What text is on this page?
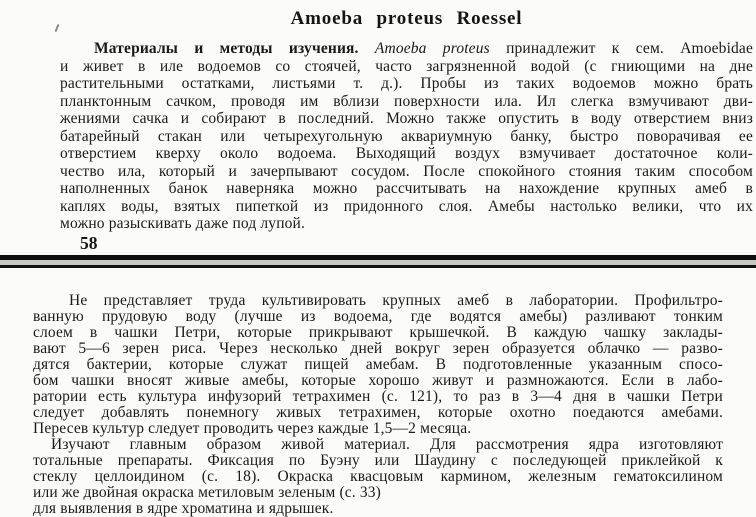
Amoeba proteus Roessel
Материалы и методы изучения. Amoeba proteus принадлежит к сем. Amoebidae
и живет в иле водоемов со стоячей, часто загрязненной водой (с гниющими на дне
растительными остатками, листьями т. д.). Пробы из таких водоемов можно брать
планктонным сачком, проводя им вблизи поверхности ила. Ил слегка взмучивают дви-
жениями сачка и собирают в последний. Можно также опустить в воду отверстием вниз
батарейный стакан или четырехугольную аквариумную банку, быстро поворачивая ее
отверстием кверху около водоема. Выходящий воздух взмучивает достаточное коли-
чество ила, который и зачерпывают сосудом. После спокойного стояния таким способом
наполненных банок наверняка можно рассчитывать на нахождение крупных амеб в
каплях воды, взятых пипеткой из придонного слоя. Амебы настолько велики, что их
можно разыскивать даже под лупой.
58
Не представляет труда культивировать крупных амеб в лаборатории. Профильтро-
ванную прудовую воду (лучше из водоема, где водятся амебы) разливают тонким
слоем в чашки Петри, которые прикрывают крышечкой. В каждую чашку заклады-
вают 5—6 зерен риса. Через несколько дней вокруг зерен образуется облачко — разво-
дятся бактерии, которые служат пищей амебам. В подготовленные указанным спосо-
бом чашки вносят живые амебы, которые хорошо живут и размножаются. Если в лабо-
ратории есть культура инфузорий тетрахимен (с. 121), то раз в 3—4 дня в чашки Петри
следует добавлять понемногу живых тетрахимен, которые охотно поедаются амебами.
Пересев культур следует проводить через каждые 1,5—2 месяца.
Изучают главным образом живой материал. Для рассмотрения ядра изготовляют
тотальные препараты. Фиксация по Буэну или Шаудину с последующей приклейкой к
стеклу целлоидином (с. 18). Окраска квасцовым кармином, железным гематоксилином
или же двойная окраска метиловым зеленым (с. 33)
для выявления в ядре хроматина и ядрышек.
